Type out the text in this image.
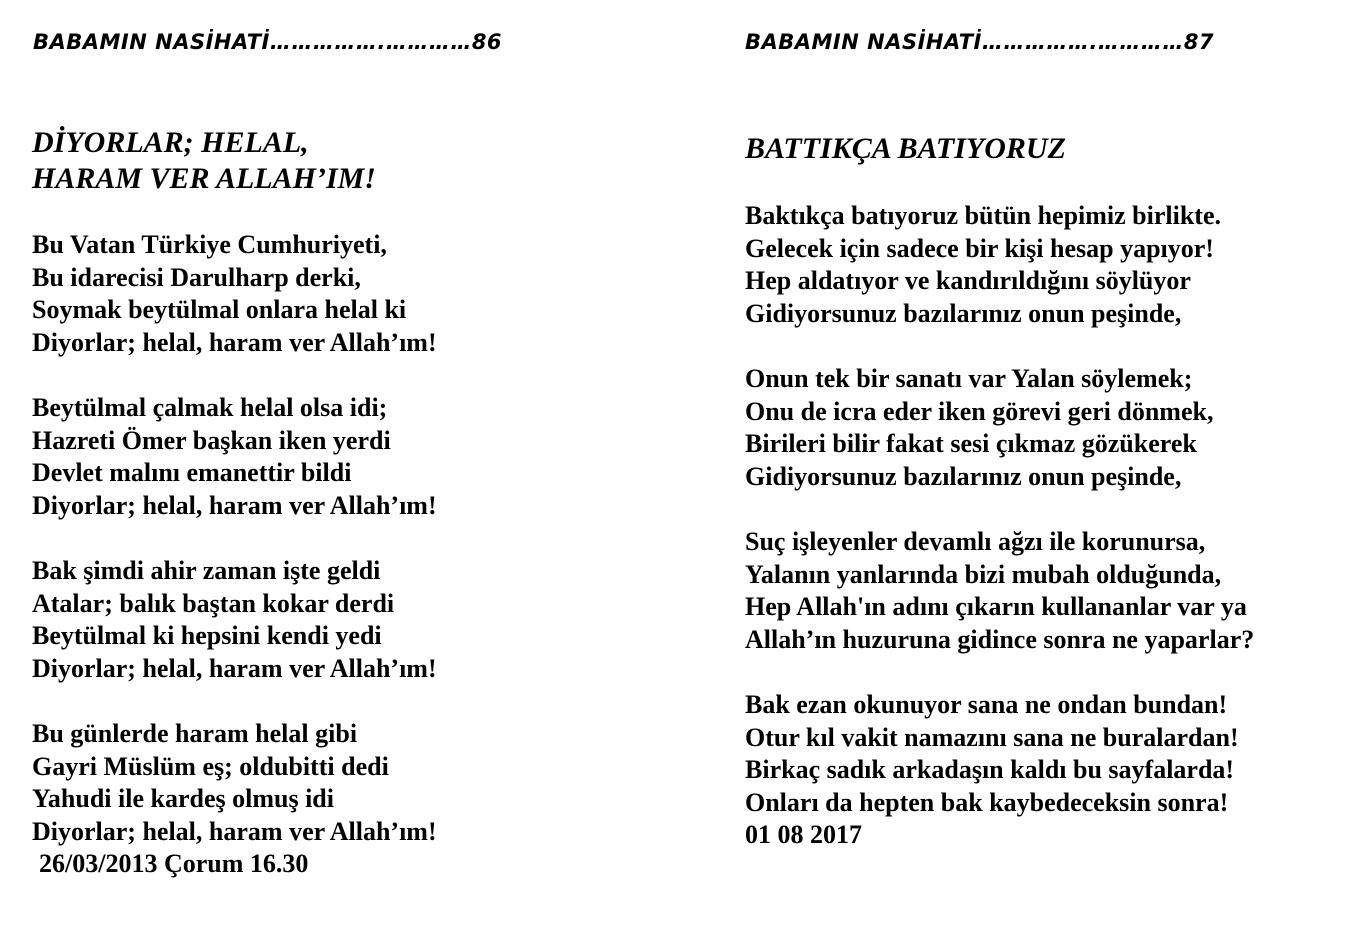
BABAMIN NASİHATİ…………….…………86
DİYORLAR; HELAL,
HARAM VER ALLAH’IM!
Bu Vatan Türkiye Cumhuriyeti,
Bu idarecisi Darulharp derki,
Soymak beytülmal onlara helal ki
Diyorlar; helal, haram ver Allah’ım!
Beytülmal çalmak helal olsa idi;
Hazreti Ömer başkan iken yerdi
Devlet malını emanettir bildi
Diyorlar; helal, haram ver Allah’ım!
Bak şimdi ahir zaman işte geldi
Atalar; balık baştan kokar derdi
Beytülmal ki hepsini kendi yedi
Diyorlar; helal, haram ver Allah’ım!
Bu günlerde haram helal gibi
Gayri Müslüm eş; oldubitti dedi
Yahudi ile kardeş olmuş idi
Diyorlar; helal, haram ver Allah’ım!
26/03/2013 Çorum 16.30
BABAMIN NASİHATİ…………….…………87
BATTIKÇA BATIYORUZ
Baktıkça batıyoruz bütün hepimiz birlikte.
Gelecek için sadece bir kişi hesap yapıyor!
Hep aldatıyor ve kandırıldığını söylüyor
Gidiyorsunuz bazılarınız onun peşinde,
Onun tek bir sanatı var Yalan söylemek;
Onu de icra eder iken görevi geri dönmek,
Birileri bilir fakat sesi çıkmaz gözükerek
Gidiyorsunuz bazılarınız onun peşinde,
Suç işleyenler devamlı ağzı ile korunursa,
Yalanın yanlarında bizi mubah olduğunda,
Hep Allah'ın adını çıkarın kullananlar var ya
Allah’ın huzuruna gidince sonra ne yaparlar?
Bak ezan okunuyor sana ne ondan bundan!
Otur kıl vakit namazını sana ne buralardan!
Birkaç sadık arkadaşın kaldı bu sayfalarda!
Onları da hepten bak kaybedeceksin sonra!
01 08 2017
